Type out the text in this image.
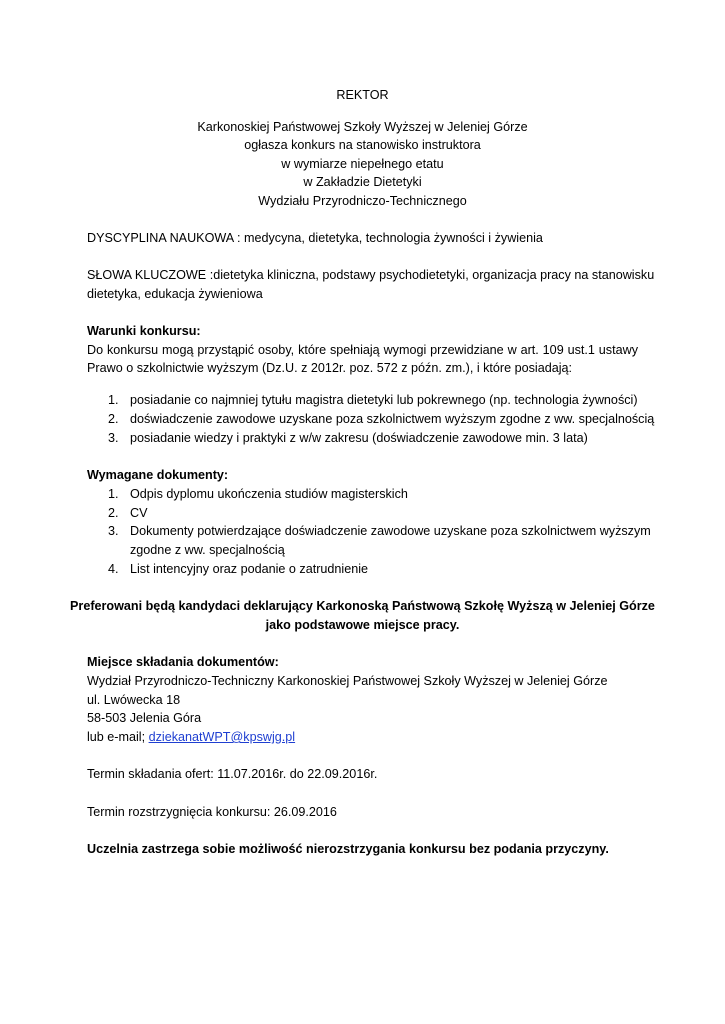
REKTOR
Karkonoskiej Państwowej Szkoły Wyższej w Jeleniej Górze
ogłasza konkurs na stanowisko instruktora
w wymiarze niepełnego etatu
w Zakładzie Dietetyki
Wydziału Przyrodniczo-Technicznego
DYSCYPLINA NAUKOWA : medycyna, dietetyka, technologia żywności i żywienia
SŁOWA KLUCZOWE :dietetyka kliniczna, podstawy psychodietetyki, organizacja pracy na stanowisku
dietetyka, edukacja żywieniowa
Warunki konkursu:
Do konkursu mogą przystąpić osoby, które spełniają wymogi przewidziane w art. 109 ust.1 ustawy
Prawo o szkolnictwie wyższym (Dz.U. z 2012r. poz. 572 z późn. zm.), i które posiadają:
1. posiadanie co najmniej tytułu magistra dietetyki lub pokrewnego (np. technologia żywności)
2. doświadczenie zawodowe uzyskane poza szkolnictwem wyższym zgodne z ww. specjalnością
3. posiadanie wiedzy i praktyki z w/w zakresu (doświadczenie zawodowe min. 3 lata)
Wymagane dokumenty:
1. Odpis dyplomu ukończenia studiów magisterskich
2. CV
3. Dokumenty potwierdzające doświadczenie zawodowe uzyskane poza szkolnictwem wyższym
zgodne z ww. specjalnością
4. List intencyjny oraz podanie o zatrudnienie
Preferowani będą kandydaci deklarujący Karkonoską Państwową Szkołę Wyższą w Jeleniej Górze
jako podstawowe miejsce pracy.
Miejsce składania dokumentów:
Wydział Przyrodniczo-Techniczny Karkonoskiej Państwowej Szkoły Wyższej w Jeleniej Górze
ul. Lwówecka 18
58-503 Jelenia Góra
lub e-mail; dziekanatWPT@kpswjg.pl
Termin składania ofert: 11.07.2016r. do 22.09.2016r.
Termin rozstrzygnięcia konkursu: 26.09.2016
Uczelnia zastrzega sobie możliwość nierozstrzygania konkursu bez podania przyczyny.
